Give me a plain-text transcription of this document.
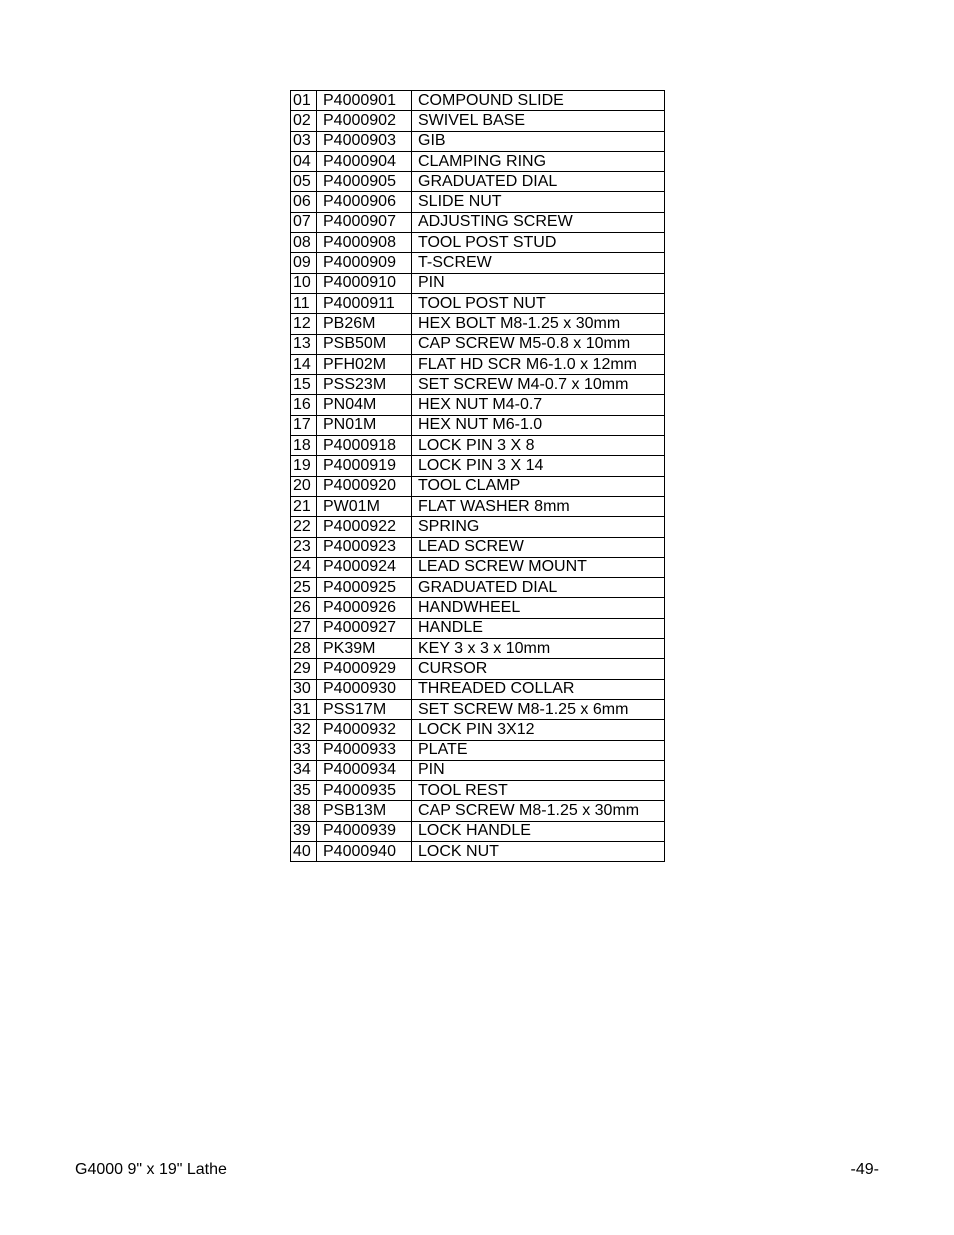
01	P4000901	COMPOUND SLIDE
02	P4000902	SWIVEL BASE
03	P4000903	GIB
04	P4000904	CLAMPING RING
05	P4000905	GRADUATED DIAL
06	P4000906	SLIDE NUT
07	P4000907	ADJUSTING SCREW
08	P4000908	TOOL POST STUD
09	P4000909	T-SCREW
10	P4000910	PIN
11	P4000911	TOOL POST NUT
12	PB26M	HEX BOLT M8-1.25 x 30mm
13	PSB50M	CAP SCREW M5-0.8 x 10mm
14	PFH02M	FLAT HD SCR M6-1.0 x 12mm
15	PSS23M	SET SCREW M4-0.7 x 10mm
16	PN04M	HEX NUT M4-0.7
17	PN01M	HEX NUT M6-1.0
18	P4000918	LOCK PIN 3 X 8
19	P4000919	LOCK PIN 3 X 14
20	P4000920	TOOL CLAMP
21	PW01M	FLAT WASHER 8mm
22	P4000922	SPRING
23	P4000923	LEAD SCREW
24	P4000924	LEAD SCREW MOUNT
25	P4000925	GRADUATED DIAL
26	P4000926	HANDWHEEL
27	P4000927	HANDLE
28	PK39M	KEY 3 x 3 x 10mm
29	P4000929	CURSOR
30	P4000930	THREADED COLLAR
31	PSS17M	SET SCREW M8-1.25 x 6mm
32	P4000932	LOCK PIN 3X12
33	P4000933	PLATE
34	P4000934	PIN
35	P4000935	TOOL REST
38	PSB13M	CAP SCREW M8-1.25 x 30mm
39	P4000939	LOCK HANDLE
40	P4000940	LOCK NUT
G4000 9" x 19" Lathe	-49-
